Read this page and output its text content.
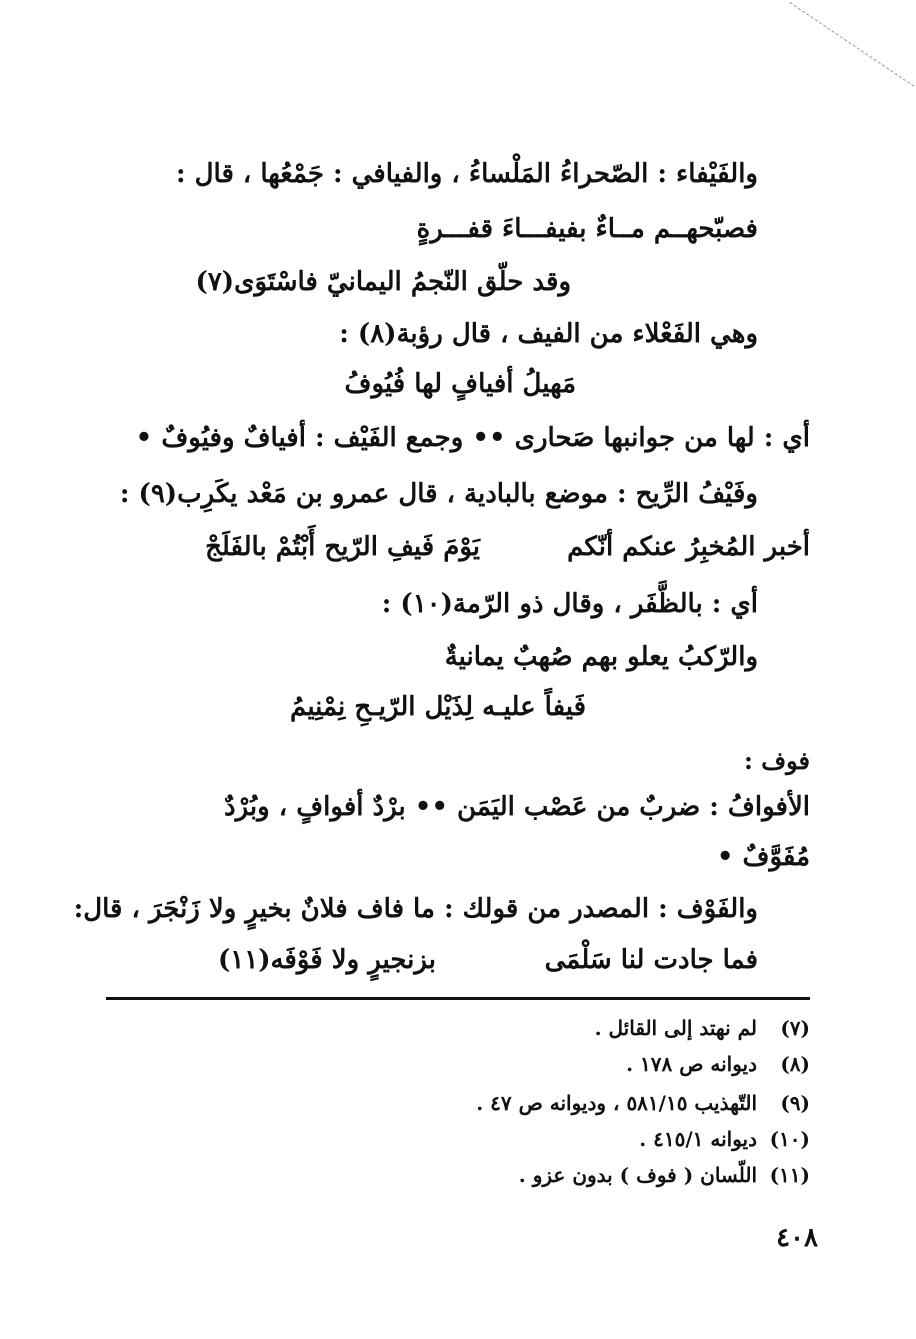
والفَيْفاء : الصّحراءُ المَلْساءُ ، والفيافي : جَمْعُها ، قال :
فصبّحهــم مــاءٌ بفيفـــاءَ قفـــرةٍ
وقد حلّق النّجمُ اليمانيّ فاسْتَوَى(٧)
وهي الفَعْلاء من الفيف ، قال رؤبة(٨) :
مَهيلُ أفيافٍ لها فُيُوفُ
أي : لها من جوانبها صَحارى •• وجمع الفَيْف : أفيافٌ وفيُوفٌ •
وفَيْفُ الرِّيح : موضع بالبادية ، قال عمرو بن مَعْد يكَرِب(٩) :
أخبر المُخبِرُ عنكم أنّكم
يَوْمَ فَيفِ الرّيح أَبْتُمْ بالفَلَجْ
أي : بالظَّفَر ، وقال ذو الرّمة(١٠) :
والرّكبُ يعلو بهم صُهبٌ يمانيةٌ
فَيفاً عليـه لِذَيْل الرّيـحِ نِمْنِيمُ
فوف :
الأفوافُ : ضربٌ من عَصْب اليَمَن •• برْدٌ أفوافٍ ، وبُرْدٌ
مُفَوَّفٌ •
والفَوْف : المصدر من قولك : ما فاف فلانٌ بخيرٍ ولا زَنْجَرَ ، قال:
فما جادت لنا سَلْمَى
بزنجيرٍ ولا فَوْفَه(١١)
(٧) لم نهتد إلى القائل .
(٨) ديوانه ص ١٧٨ .
(٩) التّهذيب ٥٨١/١٥ ، وديوانه ص ٤٧ .
(١٠) ديوانه ٤١٥/١ .
(١١) اللّسان ( فوف ) بدون عزو .
٤٠٨
